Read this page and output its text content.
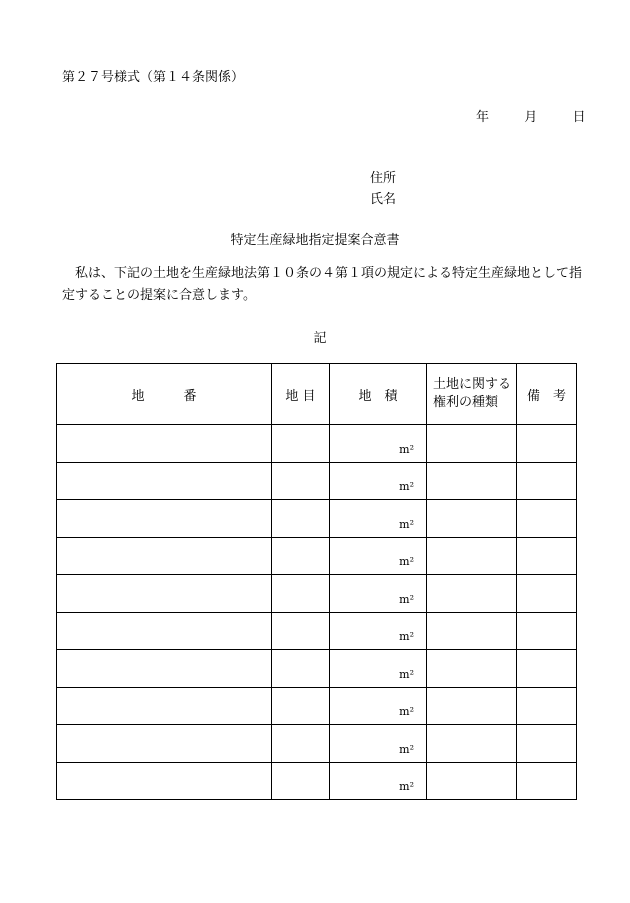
第２７号様式（第１４条関係）
年	月	日
住所
氏名
特定生産緑地指定提案合意書
私は、下記の土地を生産緑地法第１０条の４第１項の規定による特定生産緑地として指定することの提案に合意します。
記
地　　　番	地 目	地　積	土地に関する権利の種類	備　考
		m²		
		m²		
		m²		
		m²		
		m²		
		m²		
		m²		
		m²		
		m²		
		m²		
